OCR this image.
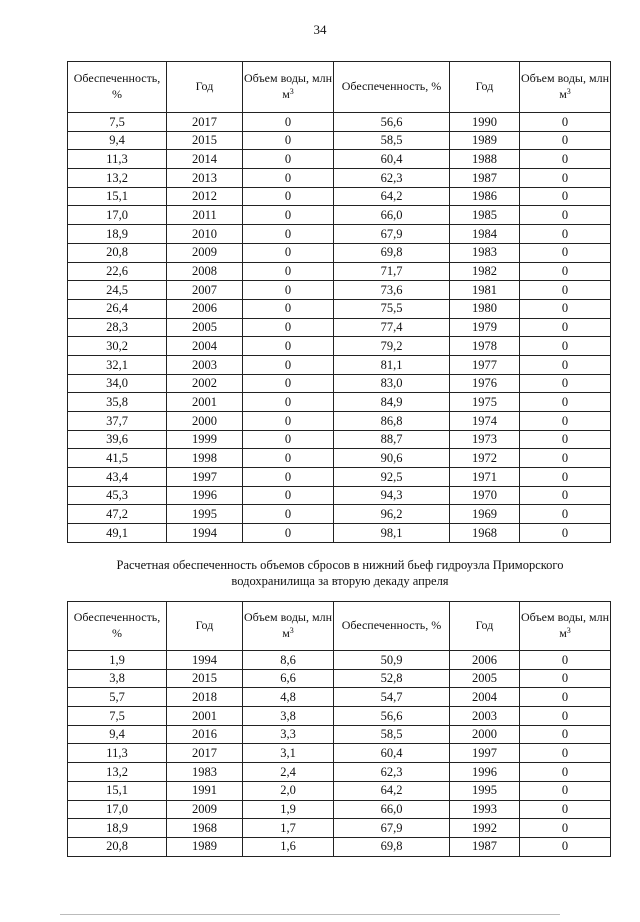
34
Обеспеченность, %	Год	Объем воды, млн $м^3$	Обеспеченность, %	Год	Объем воды, млн $м^3$
7,5	2017	0	56,6	1990	0
9,4	2015	0	58,5	1989	0
11,3	2014	0	60,4	1988	0
13,2	2013	0	62,3	1987	0
15,1	2012	0	64,2	1986	0
17,0	2011	0	66,0	1985	0
18,9	2010	0	67,9	1984	0
20,8	2009	0	69,8	1983	0
22,6	2008	0	71,7	1982	0
24,5	2007	0	73,6	1981	0
26,4	2006	0	75,5	1980	0
28,3	2005	0	77,4	1979	0
30,2	2004	0	79,2	1978	0
32,1	2003	0	81,1	1977	0
34,0	2002	0	83,0	1976	0
35,8	2001	0	84,9	1975	0
37,7	2000	0	86,8	1974	0
39,6	1999	0	88,7	1973	0
41,5	1998	0	90,6	1972	0
43,4	1997	0	92,5	1971	0
45,3	1996	0	94,3	1970	0
47,2	1995	0	96,2	1969	0
49,1	1994	0	98,1	1968	0
Расчетная обеспеченность объемов сбросов в нижний бьеф гидроузла Приморского
водохранилища за вторую декаду апреля
Обеспеченность, %	Год	Объем воды, млн $м^3$	Обеспеченность, %	Год	Объем воды, млн $м^3$
1,9	1994	8,6	50,9	2006	0
3,8	2015	6,6	52,8	2005	0
5,7	2018	4,8	54,7	2004	0
7,5	2001	3,8	56,6	2003	0
9,4	2016	3,3	58,5	2000	0
11,3	2017	3,1	60,4	1997	0
13,2	1983	2,4	62,3	1996	0
15,1	1991	2,0	64,2	1995	0
17,0	2009	1,9	66,0	1993	0
18,9	1968	1,7	67,9	1992	0
20,8	1989	1,6	69,8	1987	0
